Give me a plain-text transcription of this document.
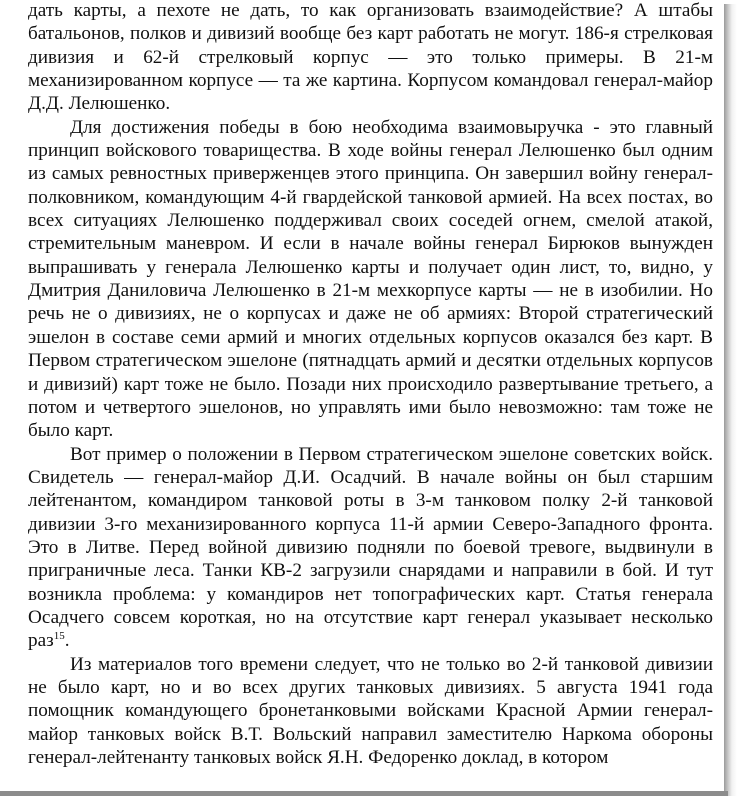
дать карты, а пехоте не дать, то как организовать взаимодействие? А штабы батальонов, полков и дивизий вообще без карт работать не могут. 186-я стрелковая дивизия и 62-й стрелковый корпус — это только примеры. В 21-м механизированном корпусе — та же картина. Корпусом командовал генерал-майор Д.Д. Лелюшенко.

Для достижения победы в бою необходима взаимовыручка - это главный принцип войскового товарищества. В ходе войны генерал Лелюшенко был одним из самых ревностных приверженцев этого принципа. Он завершил войну генерал-полковником, командующим 4-й гвардейской танковой армией. На всех постах, во всех ситуациях Лелюшенко поддерживал своих соседей огнем, смелой атакой, стремительным маневром. И если в начале войны генерал Бирюков вынужден выпрашивать у генерала Лелюшенко карты и получает один лист, то, видно, у Дмитрия Даниловича Лелюшенко в 21-м мехкорпусе карты — не в изобилии. Но речь не о дивизиях, не о корпусах и даже не об армиях: Второй стратегический эшелон в составе семи армий и многих отдельных корпусов оказался без карт. В Первом стратегическом эшелоне (пятнадцать армий и десятки отдельных корпусов и дивизий) карт тоже не было. Позади них происходило развертывание третьего, а потом и четвертого эшелонов, но управлять ими было невозможно: там тоже не было карт.

Вот пример о положении в Первом стратегическом эшелоне советских войск. Свидетель — генерал-майор Д.И. Осадчий. В начале войны он был старшим лейтенантом, командиром танковой роты в 3-м танковом полку 2-й танковой дивизии 3-го механизированного корпуса 11-й армии Северо-Западного фронта. Это в Литве. Перед войной дивизию подняли по боевой тревоге, выдвинули в приграничные леса. Танки КВ-2 загрузили снарядами и направили в бой. И тут возникла проблема: у командиров нет топографических карт. Статья генерала Осадчего совсем короткая, но на отсутствие карт генерал указывает несколько раз$^{15}$.

Из материалов того времени следует, что не только во 2-й танковой дивизии не было карт, но и во всех других танковых дивизиях. 5 августа 1941 года помощник командующего бронетанковыми войсками Красной Армии генерал-майор танковых войск В.Т. Вольский направил заместителю Наркома обороны генерал-лейтенанту танковых войск Я.Н. Федоренко доклад, в котором
